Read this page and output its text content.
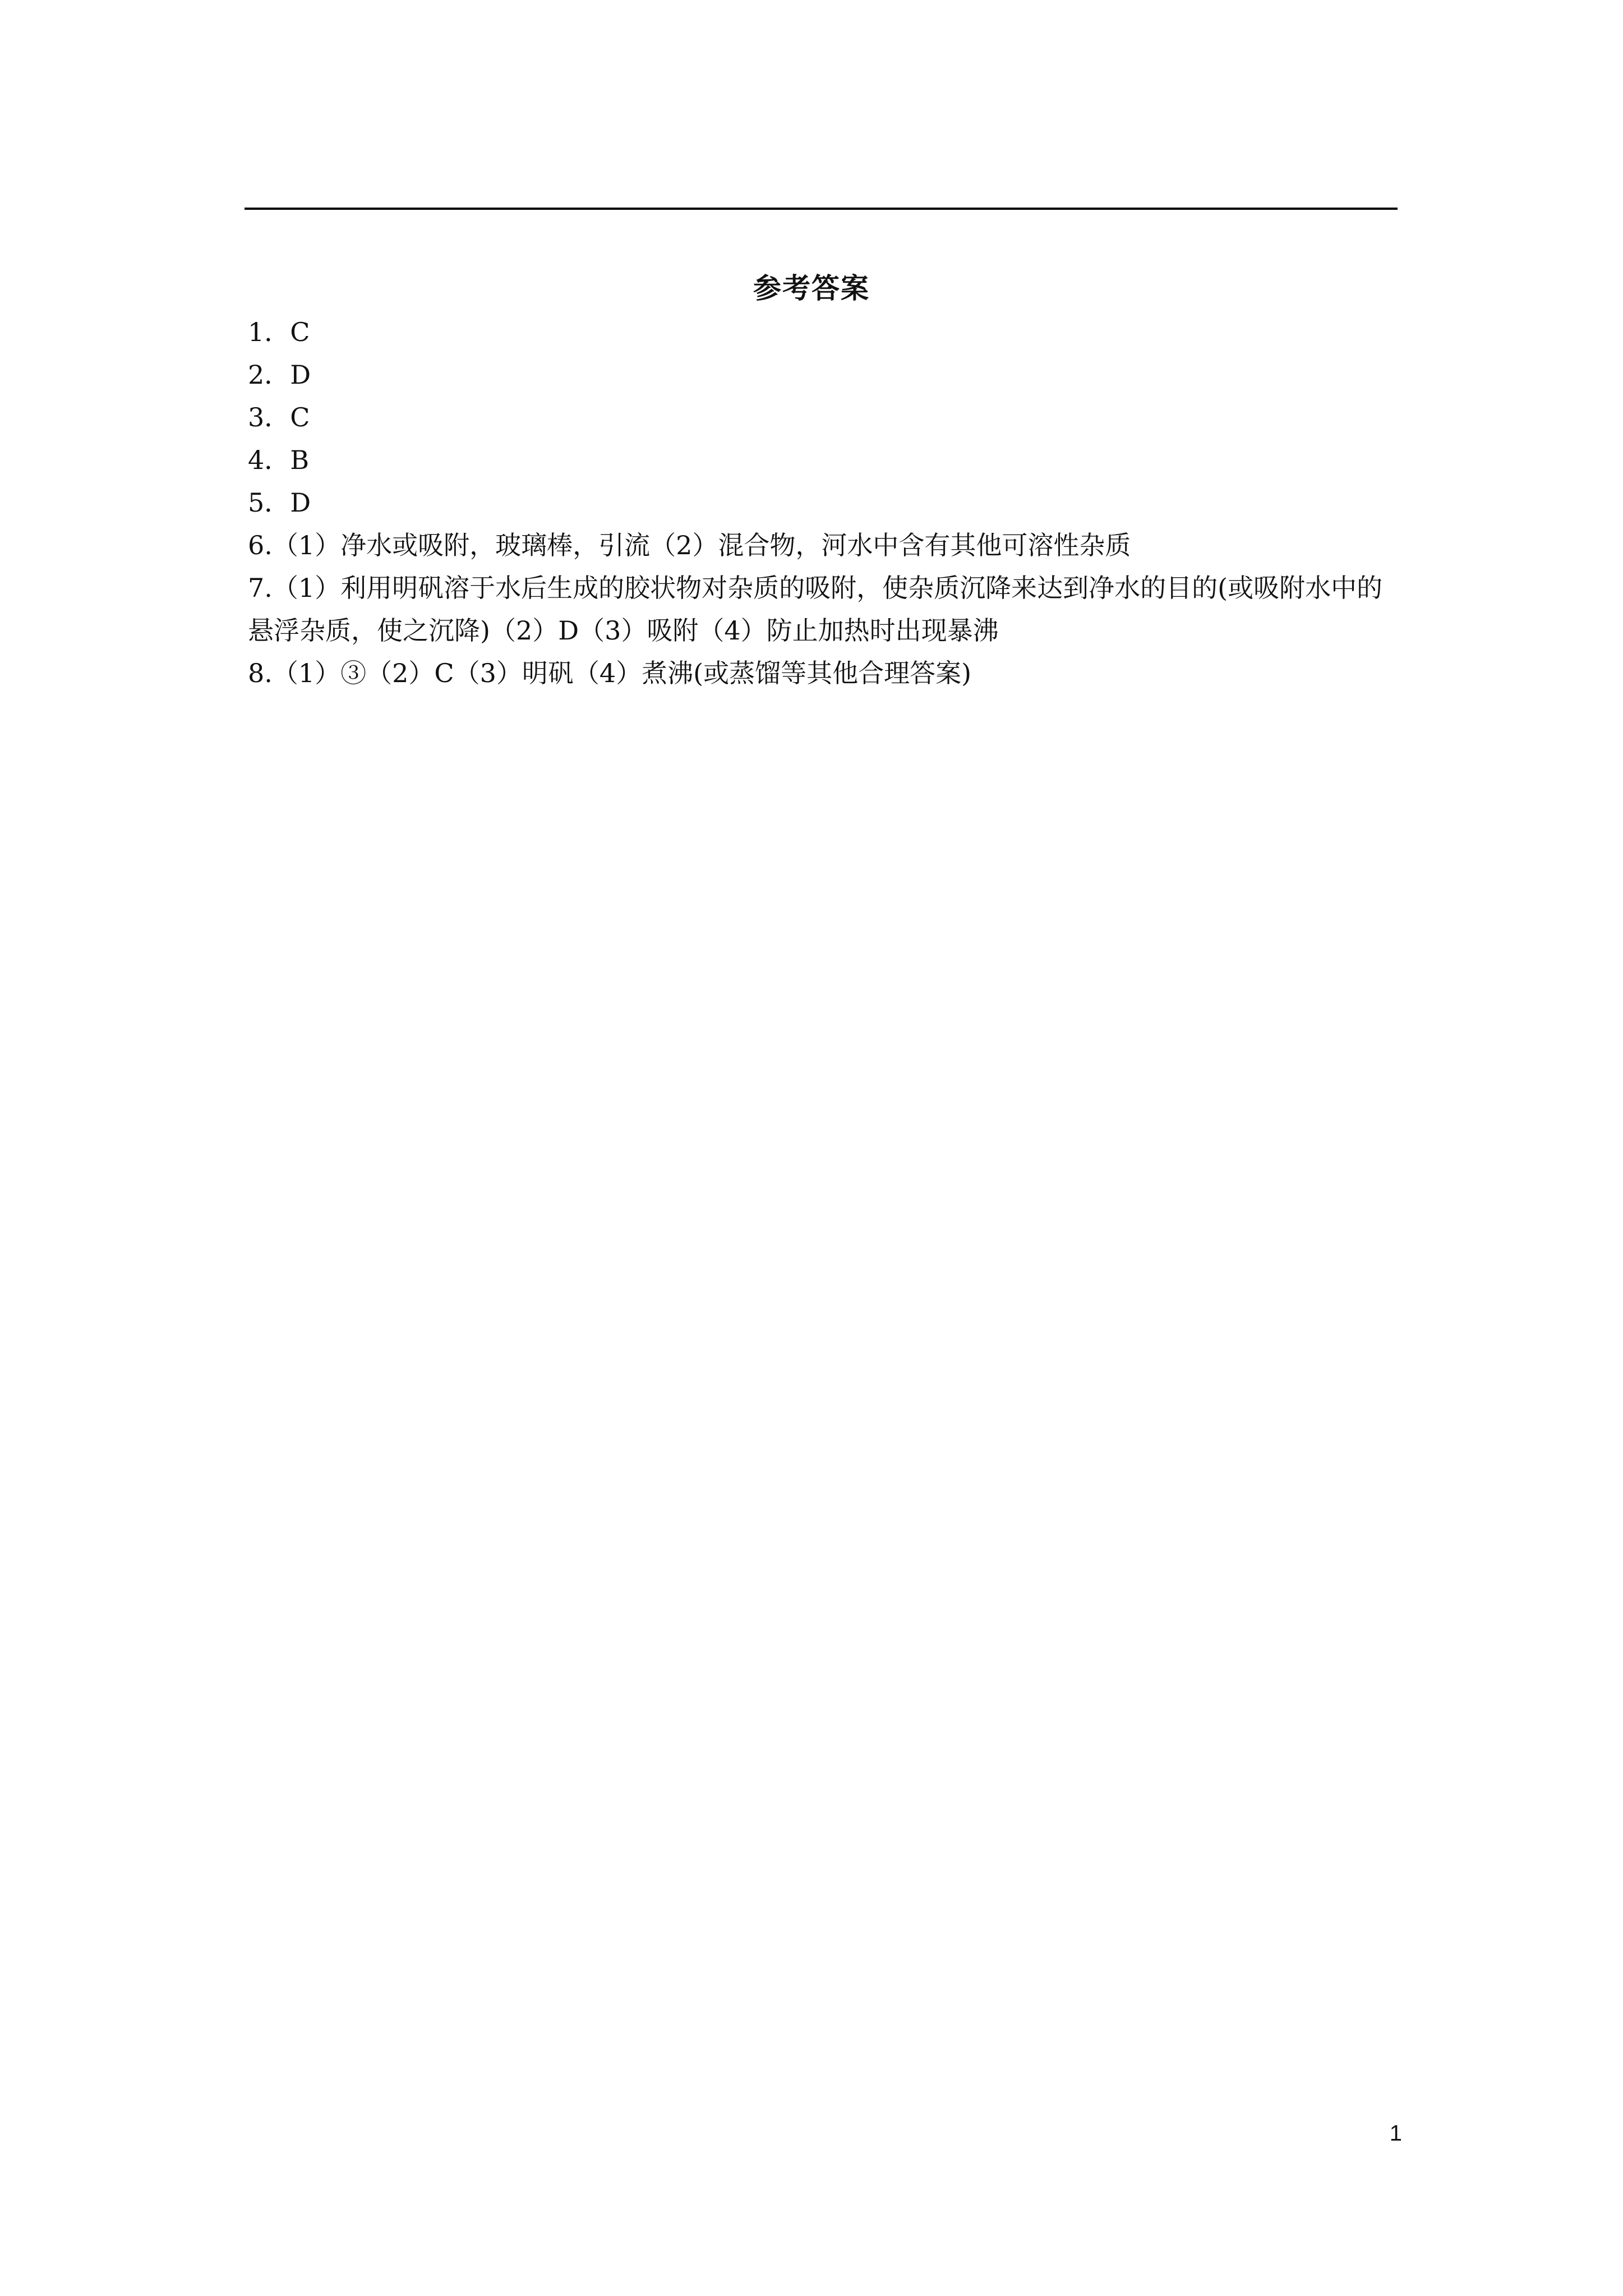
参考答案
1．C
2．D
3．C
4．B
5．D
6.（1）净水或吸附，玻璃棒，引流（2）混合物，河水中含有其他可溶性杂质
7.（1）利用明矾溶于水后生成的胶状物对杂质的吸附，使杂质沉降来达到净水的目的(或吸附水中的悬浮杂质，使之沉降)（2）D（3）吸附（4）防止加热时出现暴沸
8.（1）③（2）C（3）明矾（4）煮沸(或蒸馏等其他合理答案)
1
